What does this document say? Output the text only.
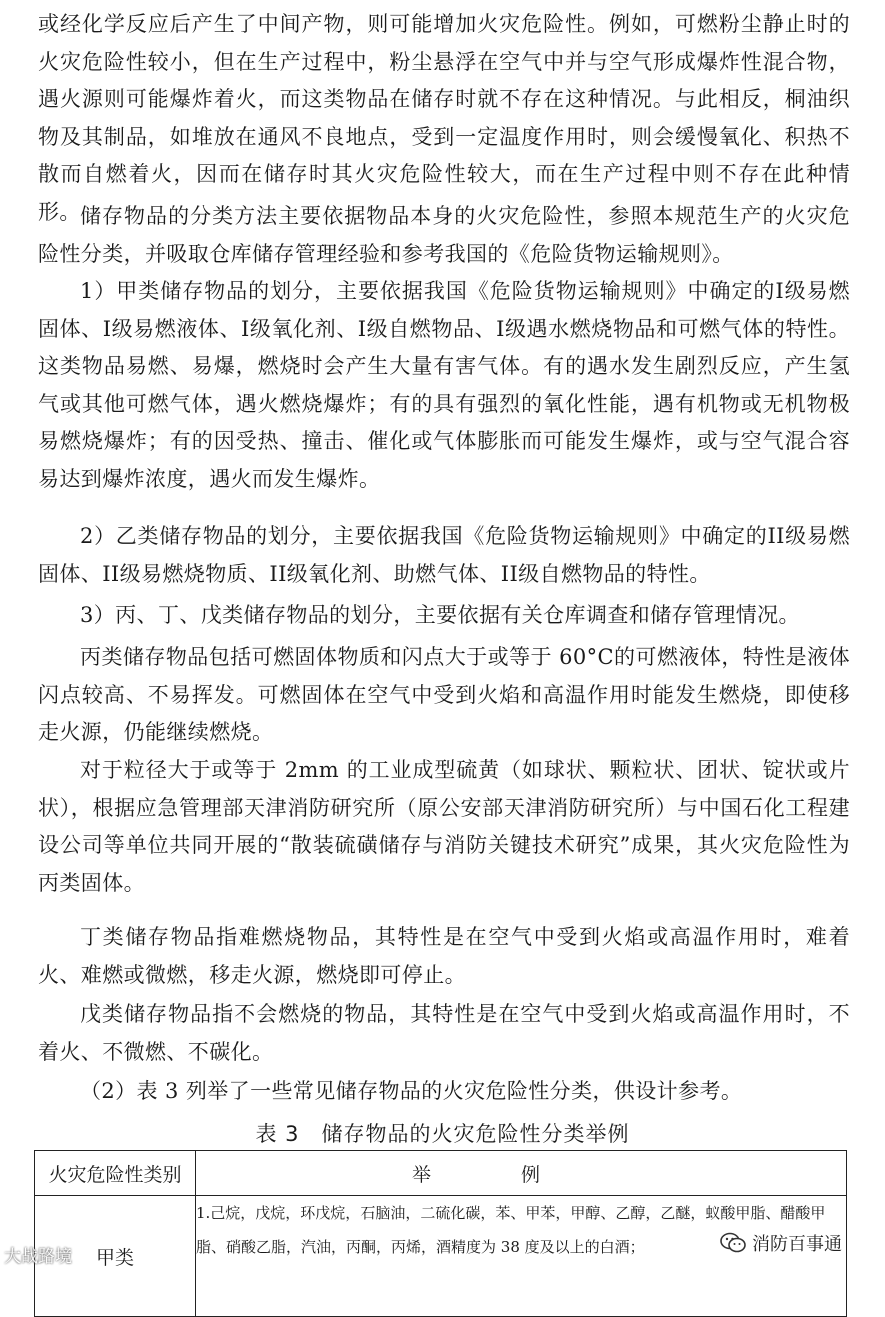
或经化学反应后产生了中间产物，则可能增加火灾危险性。例如，可燃粉尘静止时的火灾危险性较小，但在生产过程中，粉尘悬浮在空气中并与空气形成爆炸性混合物，遇火源则可能爆炸着火，而这类物品在储存时就不存在这种情况。与此相反，桐油织物及其制品，如堆放在通风不良地点，受到一定温度作用时，则会缓慢氧化、积热不散而自燃着火，因而在储存时其火灾危险性较大，而在生产过程中则不存在此种情形。 储存物品的分类方法主要依据物品本身的火灾危险性，参照本规范生产的火灾危险性分类，并吸取仓库储存管理经验和参考我国的《危险货物运输规则》。

1）甲类储存物品的划分，主要依据我国《危险货物运输规则》中确定的I级易燃固体、I级易燃液体、I级氧化剂、I级自燃物品、I级遇水燃烧物品和可燃气体的特性。这类物品易燃、易爆，燃烧时会产生大量有害气体。有的遇水发生剧烈反应，产生氢气或其他可燃气体，遇火燃烧爆炸；有的具有强烈的氧化性能，遇有机物或无机物极易燃烧爆炸；有的因受热、撞击、催化或气体膨胀而可能发生爆炸，或与空气混合容易达到爆炸浓度，遇火而发生爆炸。

2）乙类储存物品的划分，主要依据我国《危险货物运输规则》中确定的II级易燃固体、II级易燃烧物质、II级氧化剂、助燃气体、II级自燃物品的特性。

3）丙、丁、戊类储存物品的划分，主要依据有关仓库调查和储存管理情况。

丙类储存物品包括可燃固体物质和闪点大于或等于 60°C的可燃液体，特性是液体闪点较高、不易挥发。可燃固体在空气中受到火焰和高温作用时能发生燃烧，即使移走火源，仍能继续燃烧。

对于粒径大于或等于 2mm 的工业成型硫黄（如球状、颗粒状、团状、锭状或片状），根据应急管理部天津消防研究所（原公安部天津消防研究所）与中国石化工程建设公司等单位共同开展的“散装硫磺储存与消防关键技术研究”成果，其火灾危险性为丙类固体。

丁类储存物品指难燃烧物品，其特性是在空气中受到火焰或高温作用时，难着火、难燃或微燃，移走火源，燃烧即可停止。

戊类储存物品指不会燃烧的物品，其特性是在空气中受到火焰或高温作用时，不着火、不微燃、不碳化。

（2）表 3 列举了一些常见储存物品的火灾危险性分类，供设计参考。

表 3　储存物品的火灾危险性分类举例
火灾危险性类别	举例
甲类	1.己烷，戊烷，环戊烷，石脑油，二硫化碳，苯、甲苯，甲醇、乙醇，乙醚，蚁酸甲脂、醋酸甲脂、硝酸乙脂，汽油，丙酮，丙烯，酒精度为 38 度及以上的白酒；
大战路境
消防百事通
